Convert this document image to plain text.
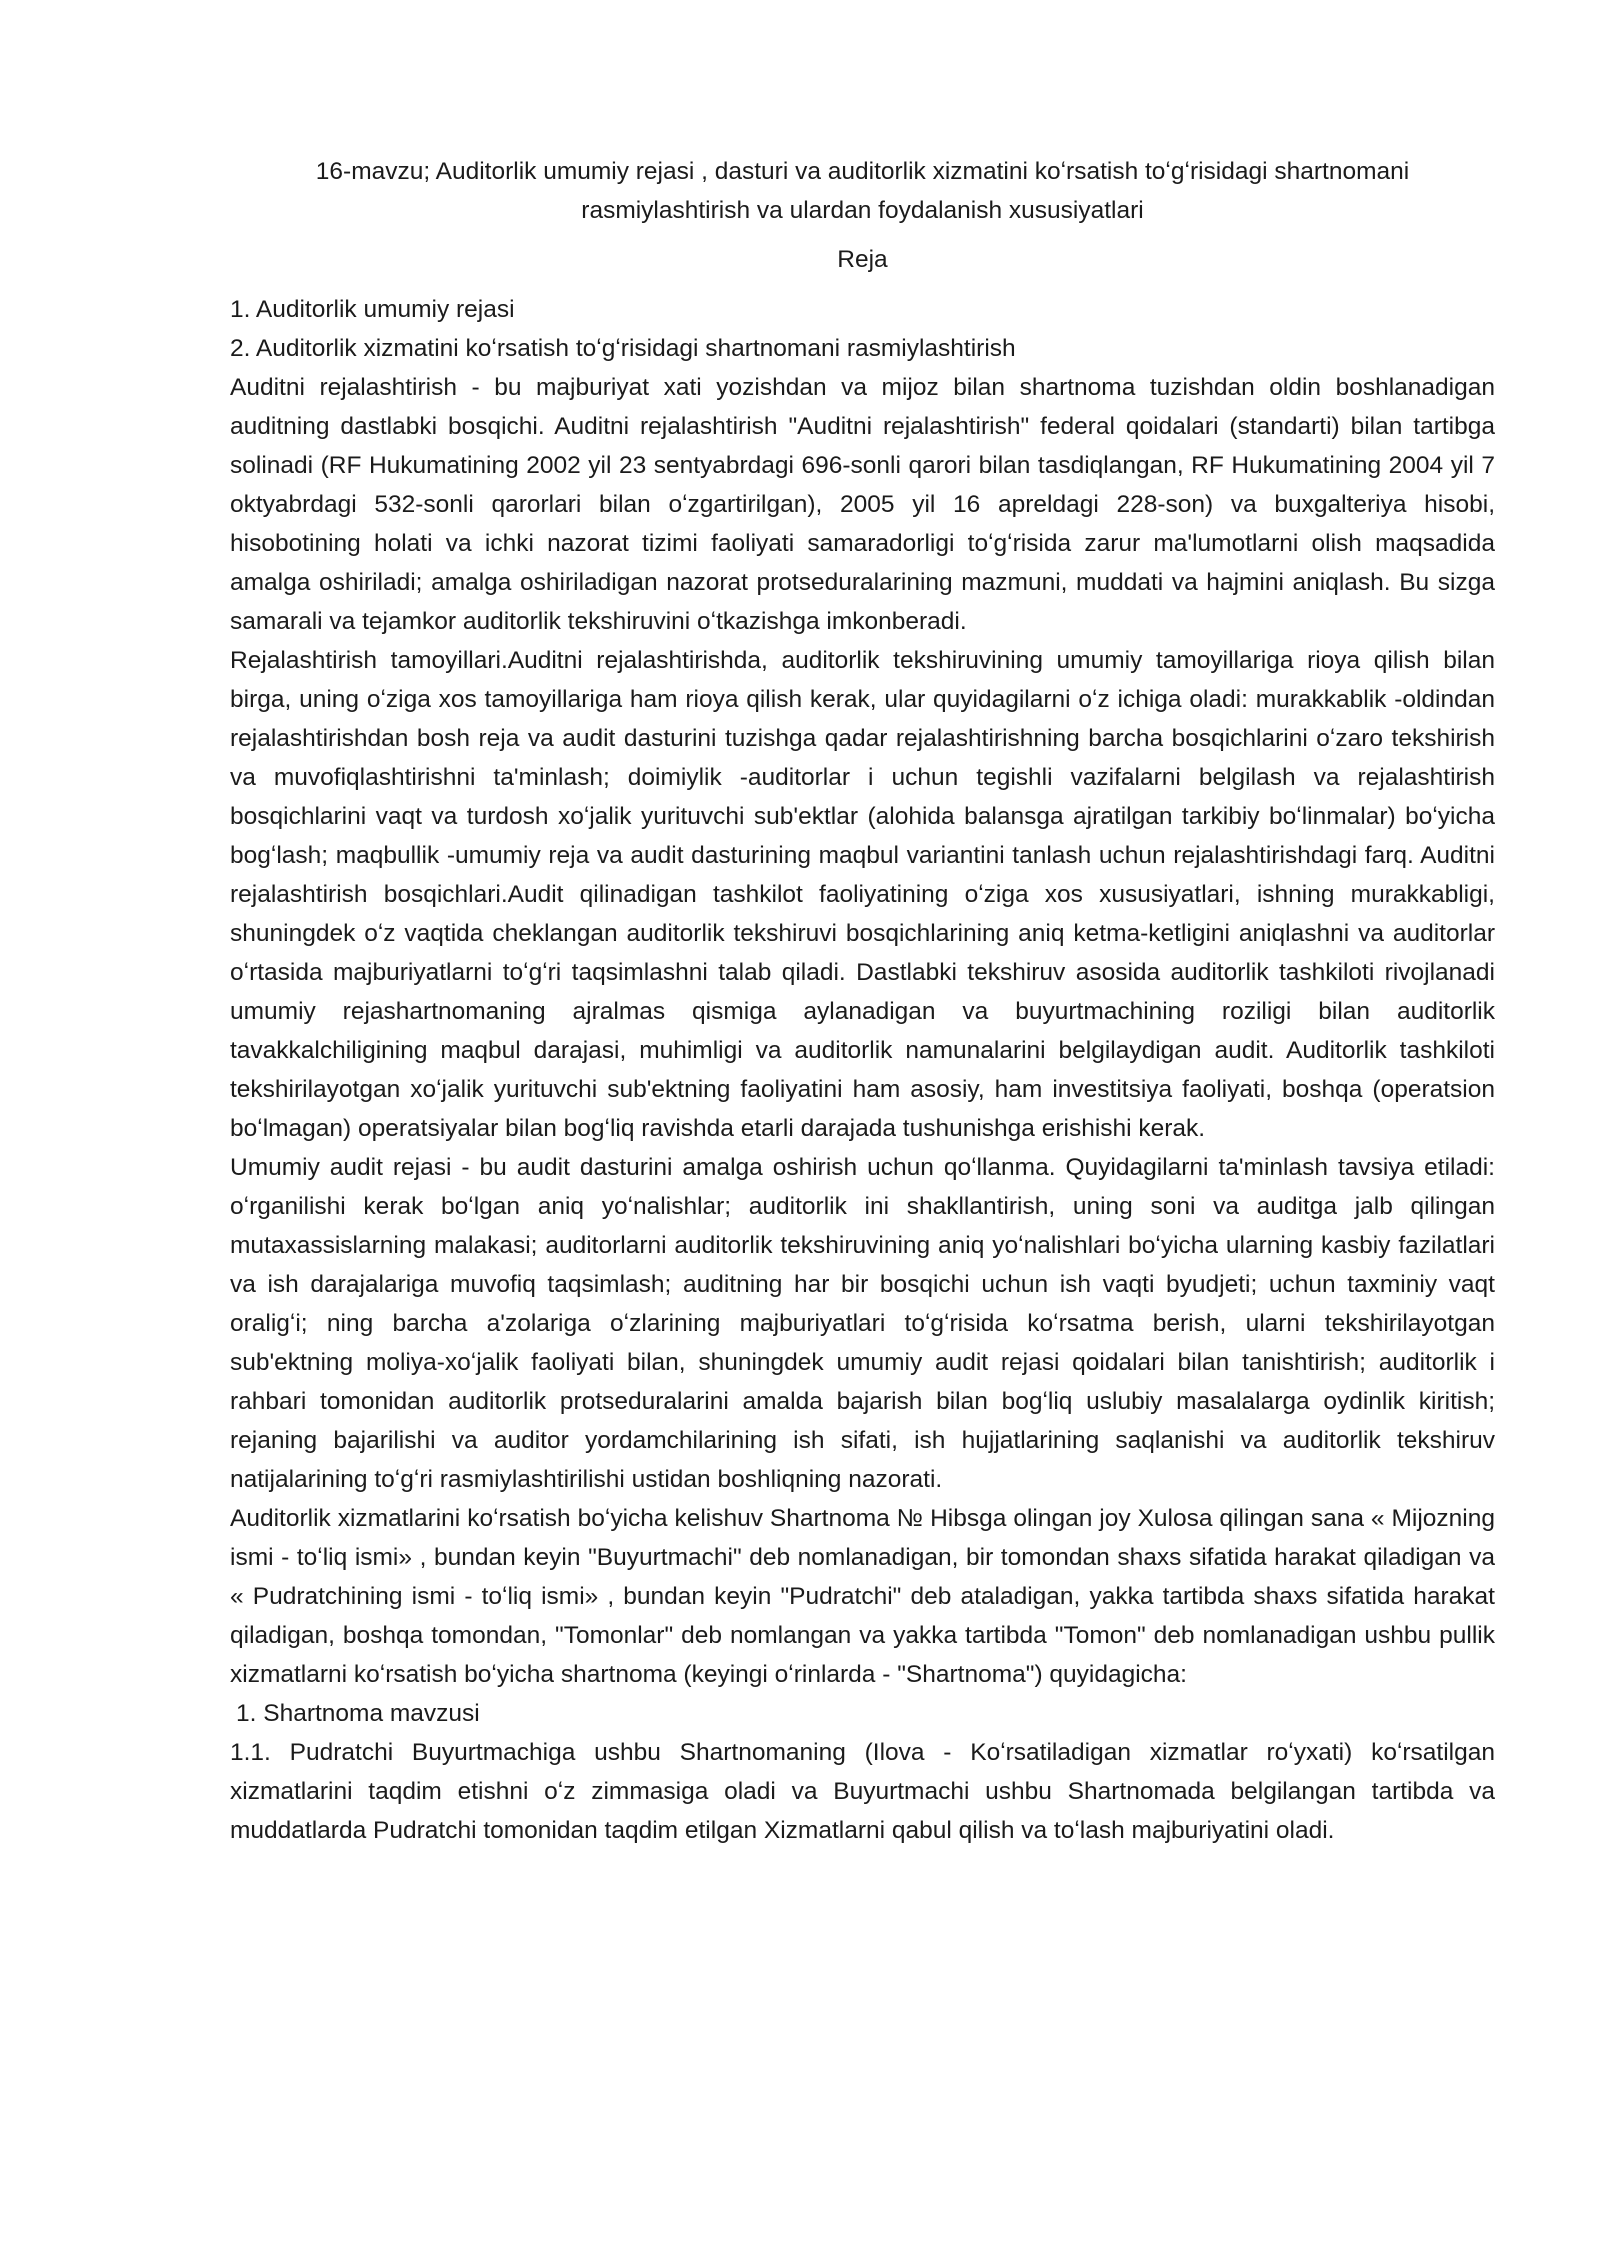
16-mavzu; Auditorlik umumiy rejasi , dasturi va auditorlik xizmatini koʻrsatish toʻgʻrisidagi shartnomani rasmiylashtirish va ulardan foydalanish xususiyatlari

Reja

1. Auditorlik umumiy rejasi

2. Auditorlik xizmatini koʻrsatish toʻgʻrisidagi shartnomani rasmiylashtirish

Auditni rejalashtirish - bu majburiyat xati yozishdan va mijoz bilan shartnoma tuzishdan oldin boshlanadigan auditning dastlabki bosqichi. Auditni rejalashtirish "Auditni rejalashtirish" federal qoidalari (standarti) bilan tartibga solinadi (RF Hukumatining 2002 yil 23 sentyabrdagi 696-sonli qarori bilan tasdiqlangan, RF Hukumatining 2004 yil 7 oktyabrdagi 532-sonli qarorlari bilan oʻzgartirilgan), 2005 yil 16 apreldagi 228-son) va buxgalteriya hisobi, hisobotining holati va ichki nazorat tizimi faoliyati samaradorligi toʻgʻrisida zarur ma'lumotlarni olish maqsadida amalga oshiriladi; amalga oshiriladigan nazorat protseduralarining mazmuni, muddati va hajmini aniqlash. Bu sizga samarali va tejamkor auditorlik tekshiruvini oʻtkazishga imkonberadi.

Rejalashtirish tamoyillari.Auditni rejalashtirishda, auditorlik tekshiruvining umumiy tamoyillariga rioya qilish bilan birga, uning oʻziga xos tamoyillariga ham rioya qilish kerak, ular quyidagilarni oʻz ichiga oladi: murakkablik -oldindan rejalashtirishdan bosh reja va audit dasturini tuzishga qadar rejalashtirishning barcha bosqichlarini oʻzaro tekshirish va muvofiqlashtirishni ta'minlash; doimiylik -auditorlar i uchun tegishli vazifalarni belgilash va rejalashtirish bosqichlarini vaqt va turdosh xoʻjalik yurituvchi sub'ektlar (alohida balansga ajratilgan tarkibiy boʻlinmalar) boʻyicha bogʻlash; maqbullik -umumiy reja va audit dasturining maqbul variantini tanlash uchun rejalashtirishdagi farq. Auditni rejalashtirish bosqichlari.Audit qilinadigan tashkilot faoliyatining oʻziga xos xususiyatlari, ishning murakkabligi, shuningdek oʻz vaqtida cheklangan auditorlik tekshiruvi bosqichlarining aniq ketma-ketligini aniqlashni va auditorlar oʻrtasida majburiyatlarni toʻgʻri taqsimlashni talab qiladi. Dastlabki tekshiruv asosida auditorlik tashkiloti rivojlanadi umumiy rejashartnomaning ajralmas qismiga aylanadigan va buyurtmachining roziligi bilan auditorlik tavakkalchiligining maqbul darajasi, muhimligi va auditorlik namunalarini belgilaydigan audit. Auditorlik tashkiloti tekshirilayotgan xoʻjalik yurituvchi sub'ektning faoliyatini ham asosiy, ham investitsiya faoliyati, boshqa (operatsion boʻlmagan) operatsiyalar bilan bogʻliq ravishda etarli darajada tushunishga erishishi kerak.

Umumiy audit rejasi - bu audit dasturini amalga oshirish uchun qoʻllanma. Quyidagilarni ta'minlash tavsiya etiladi: oʻrganilishi kerak boʻlgan aniq yoʻnalishlar; auditorlik ini shakllantirish, uning soni va auditga jalb qilingan mutaxassislarning malakasi; auditorlarni auditorlik tekshiruvining aniq yoʻnalishlari boʻyicha ularning kasbiy fazilatlari va ish darajalariga muvofiq taqsimlash; auditning har bir bosqichi uchun ish vaqti byudjeti; uchun taxminiy vaqt oraligʻi; ning barcha a'zolariga oʻzlarining majburiyatlari toʻgʻrisida koʻrsatma berish, ularni tekshirilayotgan sub'ektning moliya-xoʻjalik faoliyati bilan, shuningdek umumiy audit rejasi qoidalari bilan tanishtirish; auditorlik i rahbari tomonidan auditorlik protseduralarini amalda bajarish bilan bogʻliq uslubiy masalalarga oydinlik kiritish; rejaning bajarilishi va auditor yordamchilarining ish sifati, ish hujjatlarining saqlanishi va auditorlik tekshiruv natijalarining toʻgʻri rasmiylashtirilishi ustidan boshliqning nazorati.

Auditorlik xizmatlarini koʻrsatish boʻyicha kelishuv Shartnoma № Hibsga olingan joy Xulosa qilingan sana « Mijozning ismi - toʻliq ismi» , bundan keyin "Buyurtmachi" deb nomlanadigan, bir tomondan shaxs sifatida harakat qiladigan va « Pudratchining ismi - toʻliq ismi» , bundan keyin "Pudratchi" deb ataladigan, yakka tartibda shaxs sifatida harakat qiladigan, boshqa tomondan, "Tomonlar" deb nomlangan va yakka tartibda "Tomon" deb nomlanadigan ushbu pullik xizmatlarni koʻrsatish boʻyicha shartnoma (keyingi oʻrinlarda - "Shartnoma") quyidagicha:

1. Shartnoma mavzusi

1.1. Pudratchi Buyurtmachiga ushbu Shartnomaning (Ilova - Koʻrsatiladigan xizmatlar roʻyxati) koʻrsatilgan xizmatlarini taqdim etishni oʻz zimmasiga oladi va Buyurtmachi ushbu Shartnomada belgilangan tartibda va muddatlarda Pudratchi tomonidan taqdim etilgan Xizmatlarni qabul qilish va toʻlash majburiyatini oladi.
